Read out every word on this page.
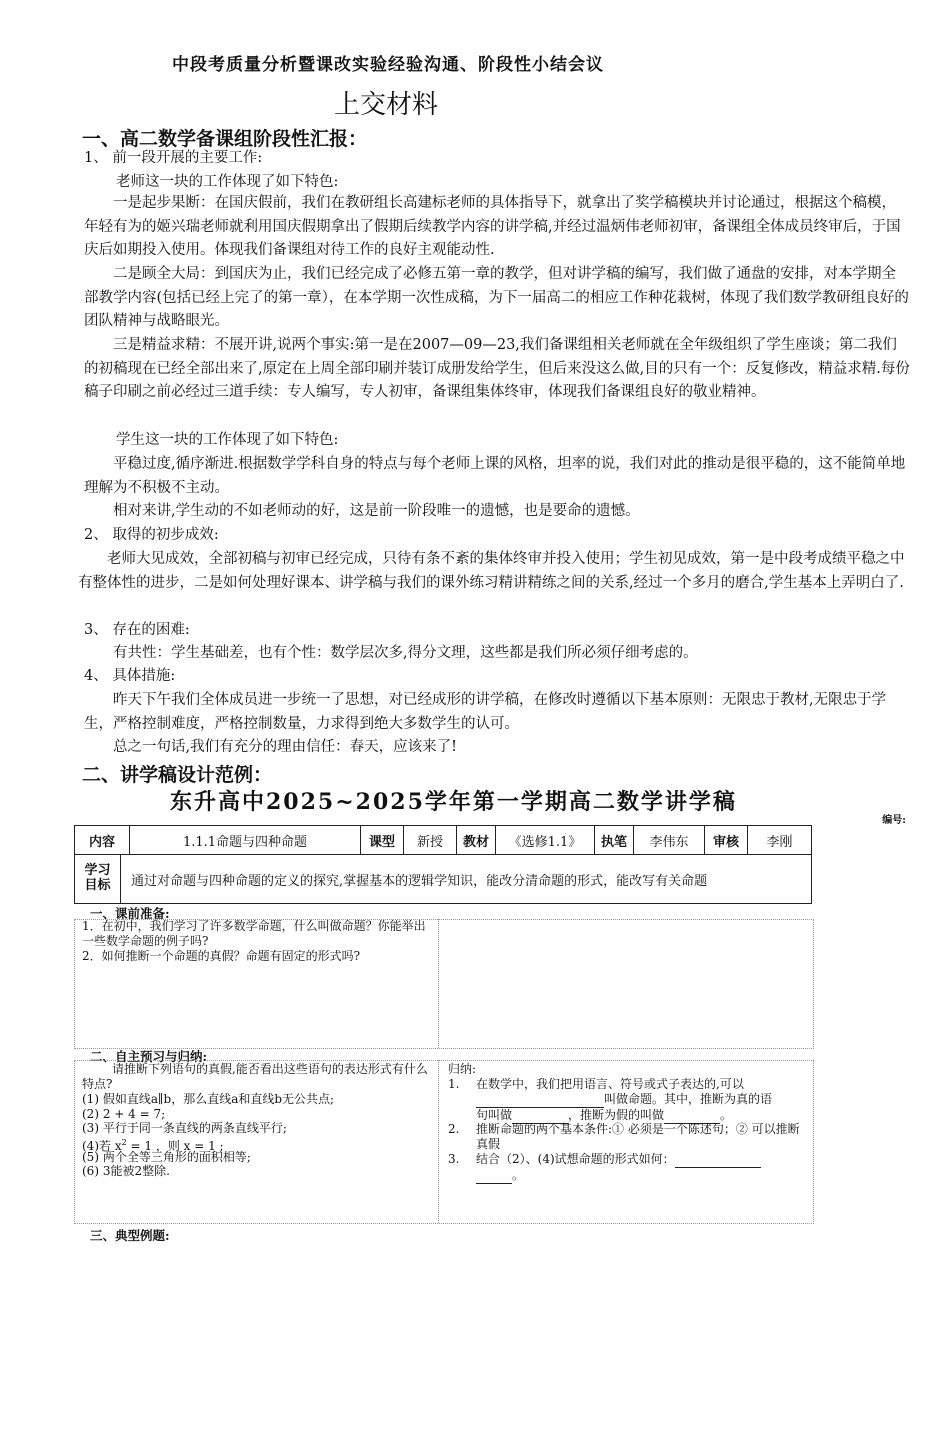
中段考质量分析暨课改实验经验沟通、阶段性小结会议
上交材料
一、高二数学备课组阶段性汇报：
1、 前一段开展的主要工作:
老师这一块的工作体现了如下特色:
一是起步果断：在国庆假前，我们在教研组长高建标老师的具体指导下，就拿出了奖学稿模块并讨论通过，根据这个稿模，年轻有为的姬兴瑞老师就利用国庆假期拿出了假期后续教学内容的讲学稿,并经过温炳伟老师初审，备课组全体成员终审后，于国庆后如期投入使用。体现我们备课组对待工作的良好主观能动性.
二是顾全大局：到国庆为止，我们已经完成了必修五第一章的教学，但对讲学稿的编写，我们做了通盘的安排，对本学期全部教学内容(包括已经上完了的第一章），在本学期一次性成稿，为下一届高二的相应工作种花栽树，体现了我们数学教研组良好的团队精神与战略眼光。
三是精益求精：不展开讲,说两个事实:第一是在2007—09—23,我们备课组相关老师就在全年级组织了学生座谈；第二我们的初稿现在已经全部出来了,原定在上周全部印刷并装订成册发给学生，但后来没这么做,目的只有一个：反复修改，精益求精.每份稿子印刷之前必经过三道手续：专人编写，专人初审，备课组集体终审，体现我们备课组良好的敬业精神。
学生这一块的工作体现了如下特色:
平稳过度,循序渐进.根据数学学科自身的特点与每个老师上课的风格，坦率的说，我们对此的推动是很平稳的，这不能简单地理解为不积极不主动。
相对来讲,学生动的不如老师动的好，这是前一阶段唯一的遗憾，也是要命的遗憾。
2、 取得的初步成效:
老师大见成效，全部初稿与初审已经完成，只待有条不紊的集体终审并投入使用；学生初见成效，第一是中段考成绩平稳之中有整体性的进步，二是如何处理好课本、讲学稿与我们的课外练习精讲精练之间的关系,经过一个多月的磨合,学生基本上弄明白了.
3、 存在的困难:
有共性：学生基础差，也有个性：数学层次多,得分文理，这些都是我们所必须仔细考虑的。
4、 具体措施:
昨天下午我们全体成员进一步统一了思想，对已经成形的讲学稿，在修改时遵循以下基本原则：无限忠于教材,无限忠于学生，严格控制难度，严格控制数量，力求得到绝大多数学生的认可。
总之一句话,我们有充分的理由信任：春天，应该来了!
二、讲学稿设计范例：
东升高中2025~2025学年第一学期高二数学讲学稿
编号:
内容	1.1.1命题与四种命题	课型	新授	教材	《选修1.1》	执笔	李伟东	审核	李刚
学习
目标	通过对命题与四种命题的定义的探究,掌握基本的逻辑学知识，能改分清命题的形式，能改写有关命题
一、课前准备:
1．在初中，我们学习了许多数学命题，什么叫做命题？你能举出一些数学命题的例子吗?
2．如何推断一个命题的真假？命题有固定的形式吗?
二、自主预习与归纳:
请推断下列语句的真假,能否看出这些语句的表达形式有什么特点?
(1) 假如直线a∥b，那么直线a和直线b无公共点;
(2) 2 + 4 = 7;
(3) 平行于同一条直线的两条直线平行;
(4)若 $x^2 = 1$ ，则 x = 1 ;
(5) 两个全等三角形的面积相等;
(6) 3能被2整除.
归纳:
1. 在数学中，我们把用语言、符号或式子表达的,可以
叫做命题。其中，推断为真的语
句叫做	，推断为假的叫做	。
2. 推断命题的两个基本条件:① 必须是一个陈述句；② 可以推断真假
3. 结合（2）、(4)试想命题的形式如何：
。
三、典型例题:
